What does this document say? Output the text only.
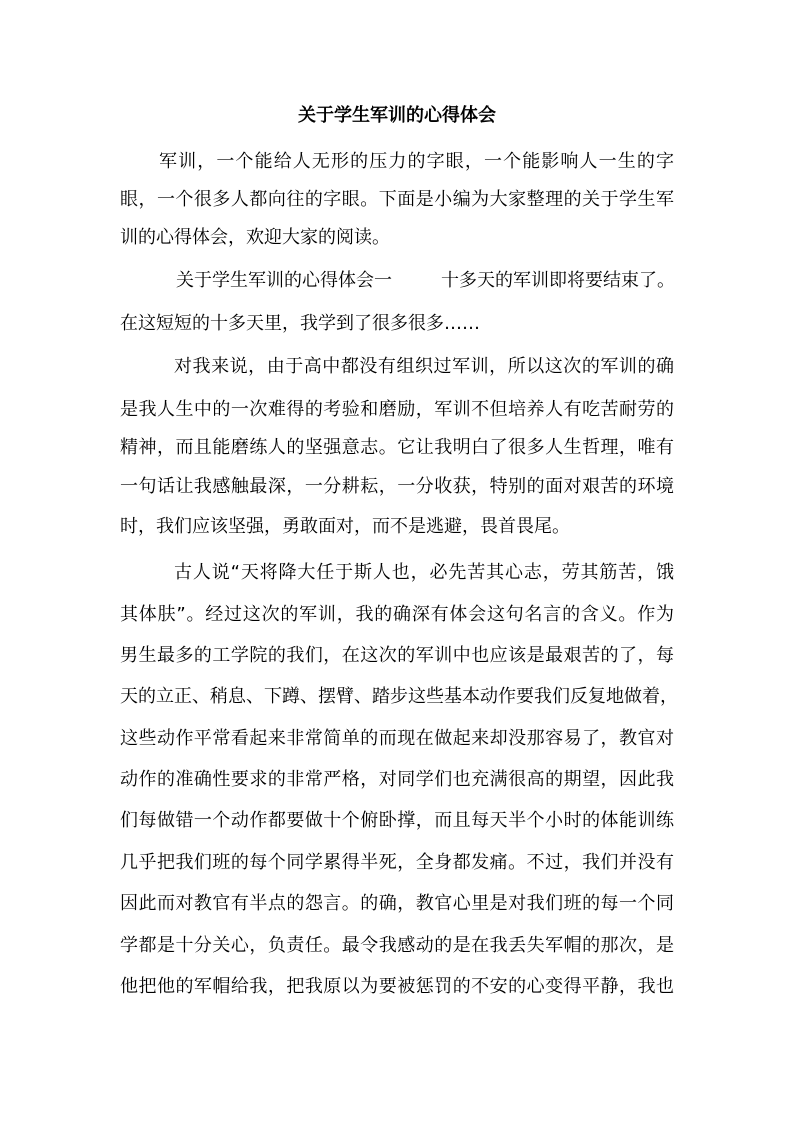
关于学生军训的心得体会

军训，一个能给人无形的压力的字眼，一个能影响人一生的字

眼，一个很多人都向往的字眼。下面是小编为大家整理的关于学生军

训的心得体会，欢迎大家的阅读。

关于学生军训的心得体会一	十多天的军训即将要结束了。

在这短短的十多天里，我学到了很多很多……

对我来说，由于高中都没有组织过军训，所以这次的军训的确

是我人生中的一次难得的考验和磨励，军训不但培养人有吃苦耐劳的

精神，而且能磨练人的坚强意志。它让我明白了很多人生哲理，唯有

一句话让我感触最深，一分耕耘，一分收获，特别的面对艰苦的环境

时，我们应该坚强，勇敢面对，而不是逃避，畏首畏尾。

古人说“天将降大任于斯人也，必先苦其心志，劳其筋苦，饿

其体肤”。经过这次的军训，我的确深有体会这句名言的含义。作为

男生最多的工学院的我们，在这次的军训中也应该是最艰苦的了，每

天的立正、稍息、下蹲、摆臂、踏步这些基本动作要我们反复地做着，

这些动作平常看起来非常简单的而现在做起来却没那容易了，教官对

动作的准确性要求的非常严格，对同学们也充满很高的期望，因此我

们每做错一个动作都要做十个俯卧撑，而且每天半个小时的体能训练

几乎把我们班的每个同学累得半死，全身都发痛。不过，我们并没有

因此而对教官有半点的怨言。的确，教官心里是对我们班的每一个同

学都是十分关心，负责任。最令我感动的是在我丢失军帽的那次，是

他把他的军帽给我，把我原以为要被惩罚的不安的心变得平静，我也
